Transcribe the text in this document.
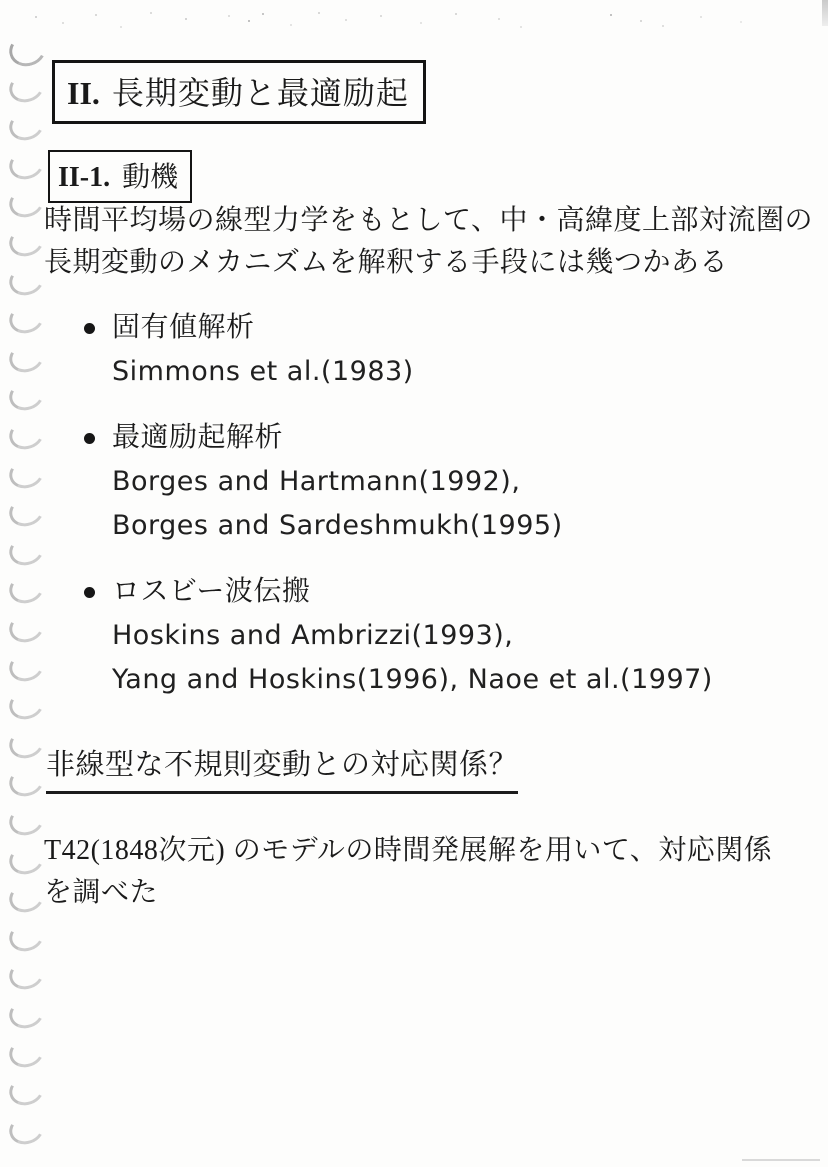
II. 長期変動と最適励起
II-1. 動機
時間平均場の線型力学をもとして、中・高緯度上部対流圏の
長期変動のメカニズムを解釈する手段には幾つかある
固有値解析
Simmons et al.(1983)
最適励起解析
Borges and Hartmann(1992),
Borges and Sardeshmukh(1995)
ロスビー波伝搬
Hoskins and Ambrizzi(1993),
Yang and Hoskins(1996), Naoe et al.(1997)
非線型な不規則変動との対応関係？
T42(1848次元) のモデルの時間発展解を用いて、対応関係
を調べた
